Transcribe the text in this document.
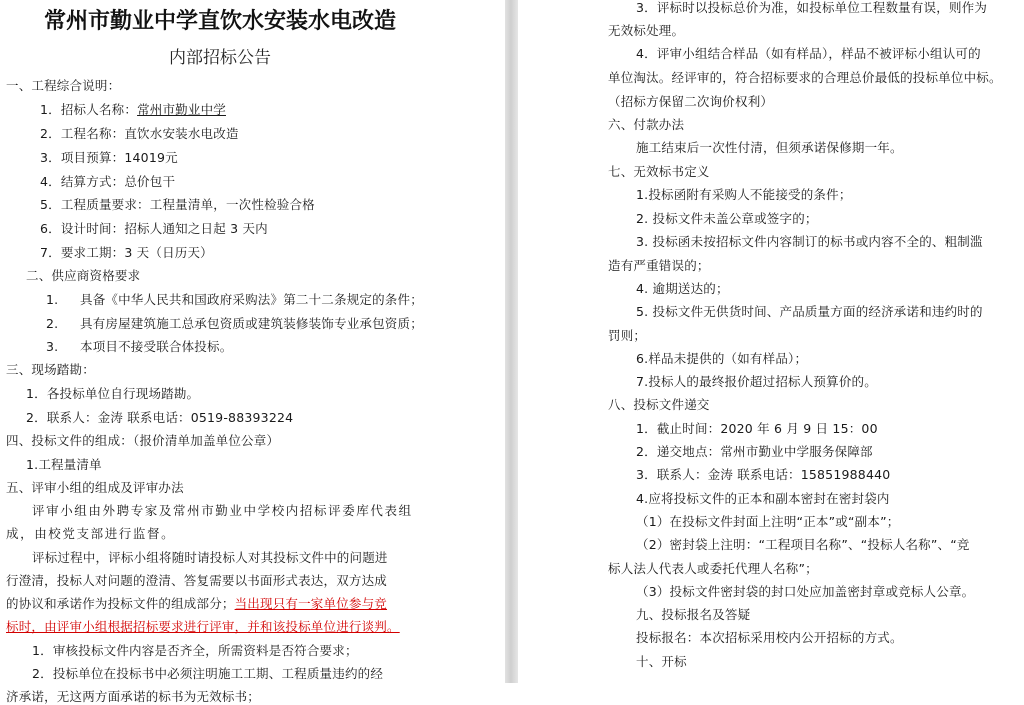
常州市勤业中学直饮水安装水电改造
内部招标公告
一、工程综合说明：
1．招标人名称：常州市勤业中学
2．工程名称：直饮水安装水电改造
3．项目预算：14019元
4．结算方式：总价包干
5．工程质量要求：工程量清单，一次性检验合格
6．设计时间：招标人通知之日起 3 天内
7．要求工期：3 天（日历天）
二、供应商资格要求
1. 具备《中华人民共和国政府采购法》第二十二条规定的条件；
2. 具有房屋建筑施工总承包资质或建筑装修装饰专业承包资质；
3. 本项目不接受联合体投标。
三、现场踏勘：
1．各投标单位自行现场踏勘。
2．联系人：金涛 联系电话：0519-88393224
四、投标文件的组成：（报价清单加盖单位公章）
1.工程量清单
五、评审小组的组成及评审办法
评审小组由外聘专家及常州市勤业中学校内招标评委库代表组
成，由校党支部进行监督。
评标过程中，评标小组将随时请投标人对其投标文件中的问题进
行澄清，投标人对问题的澄清、答复需要以书面形式表达，双方达成
的协议和承诺作为投标文件的组成部分；当出现只有一家单位参与竞
标时，由评审小组根据招标要求进行评审，并和该投标单位进行谈判。
1．审核投标文件内容是否齐全，所需资料是否符合要求；
2．投标单位在投标书中必须注明施工工期、工程质量违约的经
济承诺，无这两方面承诺的标书为无效标书；
3．评标时以投标总价为准，如投标单位工程数量有误，则作为
无效标处理。
4．评审小组结合样品（如有样品），样品不被评标小组认可的
单位淘汰。经评审的，符合招标要求的合理总价最低的投标单位中标。
（招标方保留二次询价权利）
六、付款办法
施工结束后一次性付清，但须承诺保修期一年。
七、无效标书定义
1.投标函附有采购人不能接受的条件；
2. 投标文件未盖公章或签字的；
3. 投标函未按招标文件内容制订的标书或内容不全的、粗制滥
造有严重错误的；
4. 逾期送达的；
5. 投标文件无供货时间、产品质量方面的经济承诺和违约时的
罚则；
6.样品未提供的（如有样品）；
7.投标人的最终报价超过招标人预算价的。
八、投标文件递交
1．截止时间：2020 年 6 月 9 日 15：00
2．递交地点：常州市勤业中学服务保障部
3．联系人：金涛 联系电话：15851988440
4.应将投标文件的正本和副本密封在密封袋内
（1）在投标文件封面上注明“正本”或“副本”；
（2）密封袋上注明：“工程项目名称”、“投标人名称”、“竞
标人法人代表人或委托代理人名称”；
（3）投标文件密封袋的封口处应加盖密封章或竞标人公章。
九、投标报名及答疑
投标报名：本次招标采用校内公开招标的方式。
十、开标
